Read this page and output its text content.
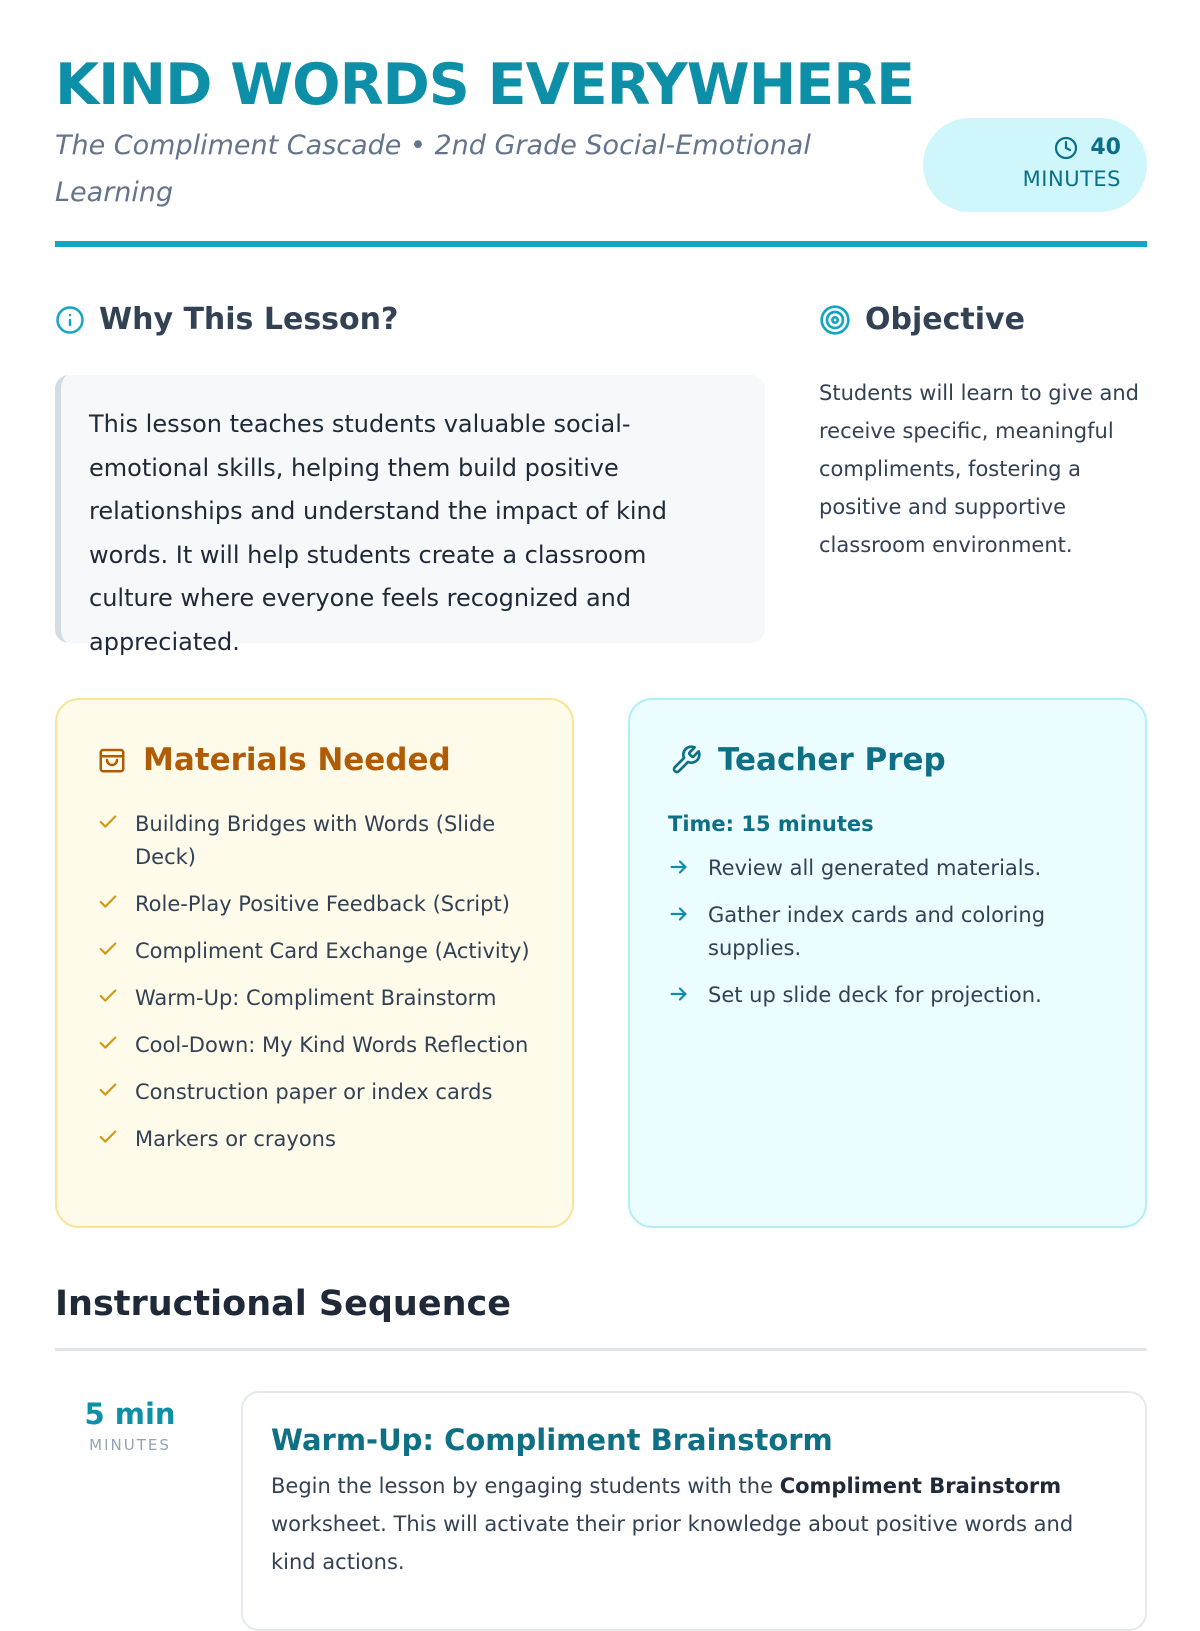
KIND WORDS EVERYWHERE

The Compliment Cascade • 2nd Grade Social-Emotional Learning

40
MINUTES
Why This Lesson?

This lesson teaches students valuable social-emotional skills, helping them build positive relationships and understand the impact of kind words. It will help students create a classroom culture where everyone feels recognized and appreciated.

Objective

Students will learn to give and receive specific, meaningful compliments, fostering a positive and supportive classroom environment.

Materials Needed
Building Bridges with Words (Slide Deck)
Role-Play Positive Feedback (Script)
Compliment Card Exchange (Activity)
Warm-Up: Compliment Brainstorm
Cool-Down: My Kind Words Reflection
Construction paper or index cards
Markers or crayons
Teacher Prep

Time: 15 minutes

Review all generated materials.
Gather index cards and coloring supplies.
Set up slide deck for projection.
Instructional Sequence
5 min
MINUTES	Warm-Up: Compliment Brainstorm

Begin the lesson by engaging students with the Compliment Brainstorm worksheet. This will activate their prior knowledge about positive words and kind actions.
